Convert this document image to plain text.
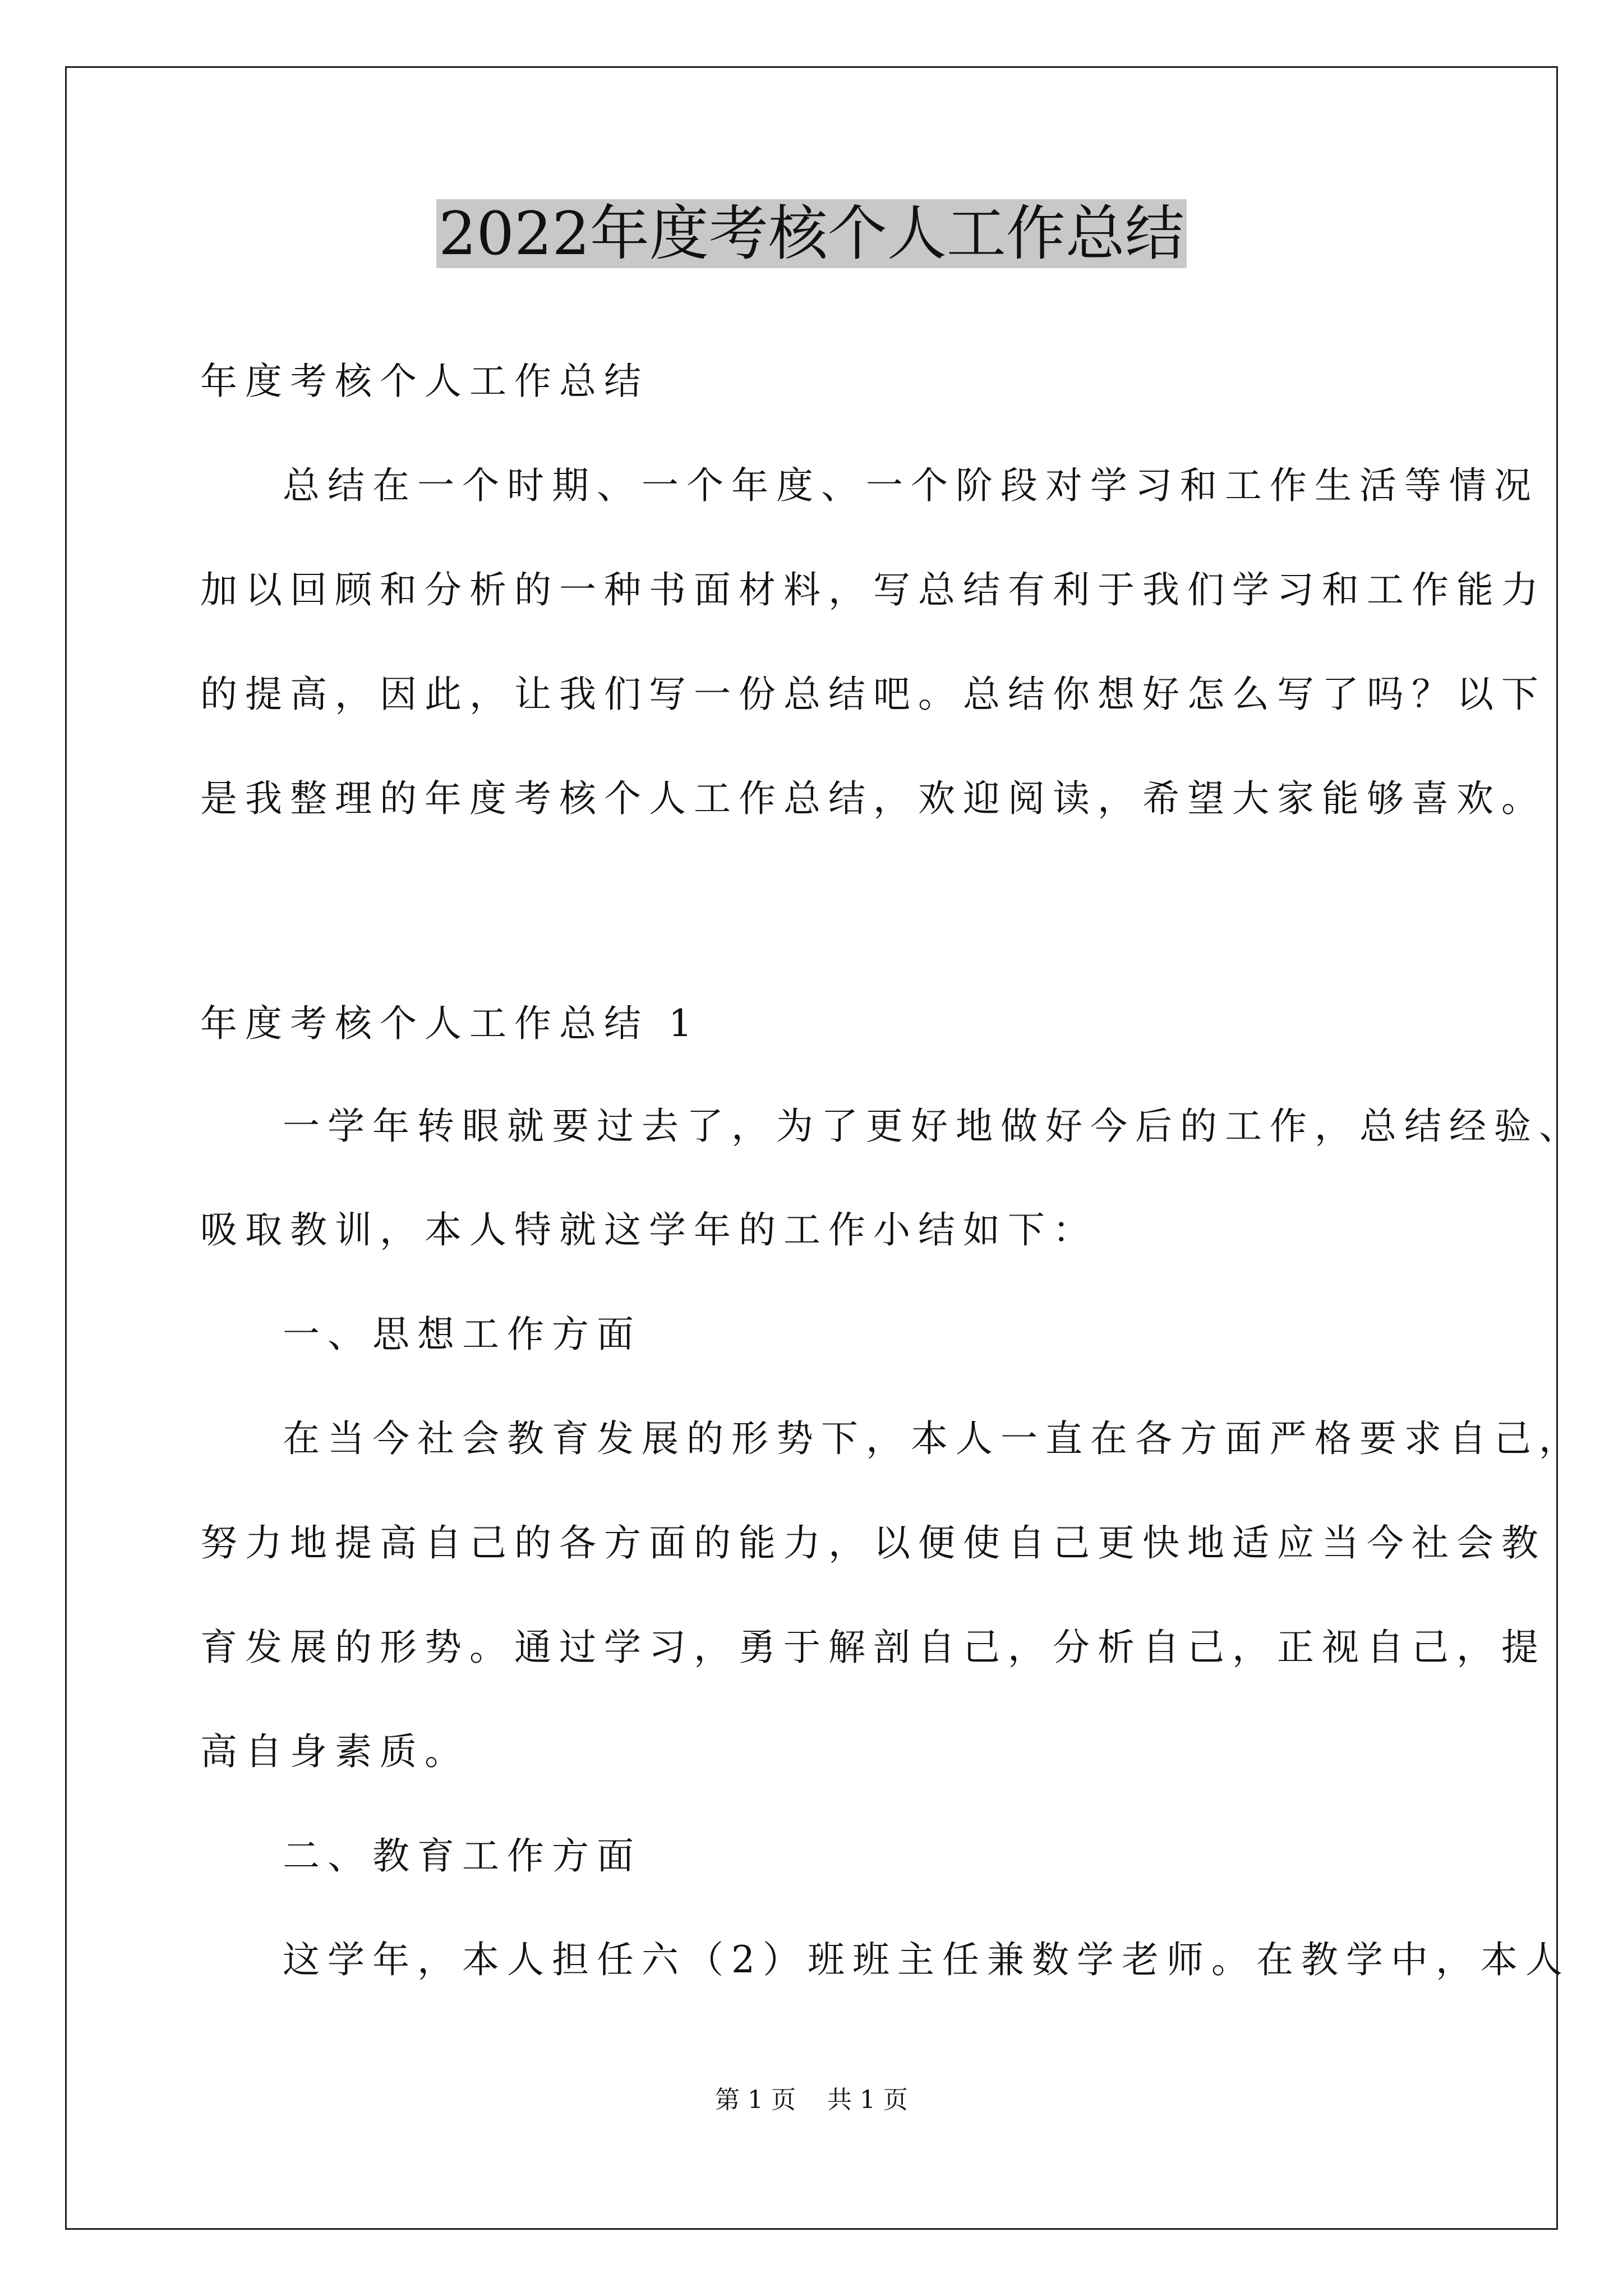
2022年度考核个人工作总结
年度考核个人工作总结
总结在一个时期、一个年度、一个阶段对学习和工作生活等情况
加以回顾和分析的一种书面材料，写总结有利于我们学习和工作能力
的提高，因此，让我们写一份总结吧。总结你想好怎么写了吗？以下
是我整理的年度考核个人工作总结，欢迎阅读，希望大家能够喜欢。
年度考核个人工作总结 1
一学年转眼就要过去了，为了更好地做好今后的工作，总结经验、
吸取教训，本人特就这学年的工作小结如下：
一、思想工作方面
在当今社会教育发展的形势下，本人一直在各方面严格要求自己，
努力地提高自己的各方面的能力，以便使自己更快地适应当今社会教
育发展的形势。通过学习，勇于解剖自己，分析自己，正视自己，提
高自身素质。
二、教育工作方面
这学年，本人担任六（2）班班主任兼数学老师。在教学中，本人
第 1 页    共 1 页
